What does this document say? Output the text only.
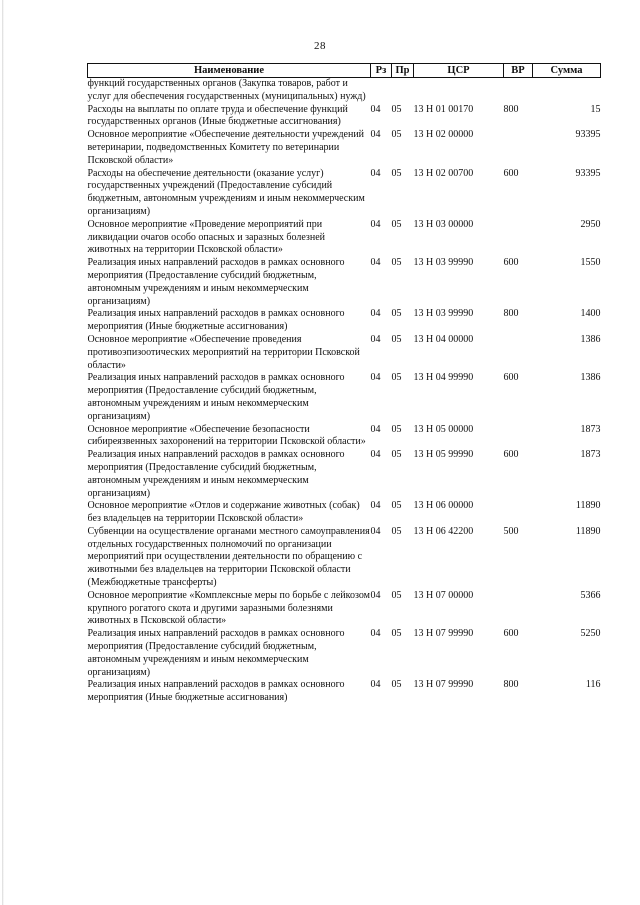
28
Наименование	Рз	Пр	ЦСР	ВР	Сумма
функций государственных органов (Закупка товаров, работ и услуг для обеспечения государственных (муниципальных) нужд)					
Расходы на выплаты по оплате труда и обеспечение функций государственных органов (Иные бюджетные ассигнования)	04	05	13 Н 01 00170	800	15
Основное мероприятие «Обеспечение деятельности учреждений ветеринарии, подведомственных Комитету по ветеринарии Псковской области»	04	05	13 Н 02 00000		93395
Расходы на обеспечение деятельности (оказание услуг) государственных учреждений (Предоставление субсидий бюджетным, автономным учреждениям и иным некоммерческим организациям)	04	05	13 Н 02 00700	600	93395
Основное мероприятие «Проведение мероприятий при ликвидации очагов особо опасных и заразных болезней животных на территории Псковской области»	04	05	13 Н 03 00000		2950
Реализация иных направлений расходов в рамках основного мероприятия (Предоставление субсидий бюджетным, автономным учреждениям и иным некоммерческим организациям)	04	05	13 Н 03 99990	600	1550
Реализация иных направлений расходов в рамках основного мероприятия (Иные бюджетные ассигнования)	04	05	13 Н 03 99990	800	1400
Основное мероприятие «Обеспечение проведения противоэпизоотических мероприятий на территории Псковской области»	04	05	13 Н 04 00000		1386
Реализация иных направлений расходов в рамках основного мероприятия (Предоставление субсидий бюджетным, автономным учреждениям и иным некоммерческим организациям)	04	05	13 Н 04 99990	600	1386
Основное мероприятие «Обеспечение безопасности сибиреязвенных захоронений на территории Псковской области»	04	05	13 Н 05 00000		1873
Реализация иных направлений расходов в рамках основного мероприятия (Предоставление субсидий бюджетным, автономным учреждениям и иным некоммерческим организациям)	04	05	13 Н 05 99990	600	1873
Основное мероприятие «Отлов и содержание животных (собак) без владельцев на территории Псковской области»	04	05	13 Н 06 00000		11890
Субвенции на осуществление органами местного самоуправления отдельных государственных полномочий по организации мероприятий при осуществлении деятельности по обращению с животными без владельцев на территории Псковской области (Межбюджетные трансферты)	04	05	13 Н 06 42200	500	11890
Основное мероприятие «Комплексные меры по борьбе с лейкозом крупного рогатого скота и другими заразными болезнями животных в Псковской области»	04	05	13 Н 07 00000		5366
Реализация иных направлений расходов в рамках основного мероприятия (Предоставление субсидий бюджетным, автономным учреждениям и иным некоммерческим организациям)	04	05	13 Н 07 99990	600	5250
Реализация иных направлений расходов в рамках основного мероприятия (Иные бюджетные ассигнования)	04	05	13 Н 07 99990	800	116
